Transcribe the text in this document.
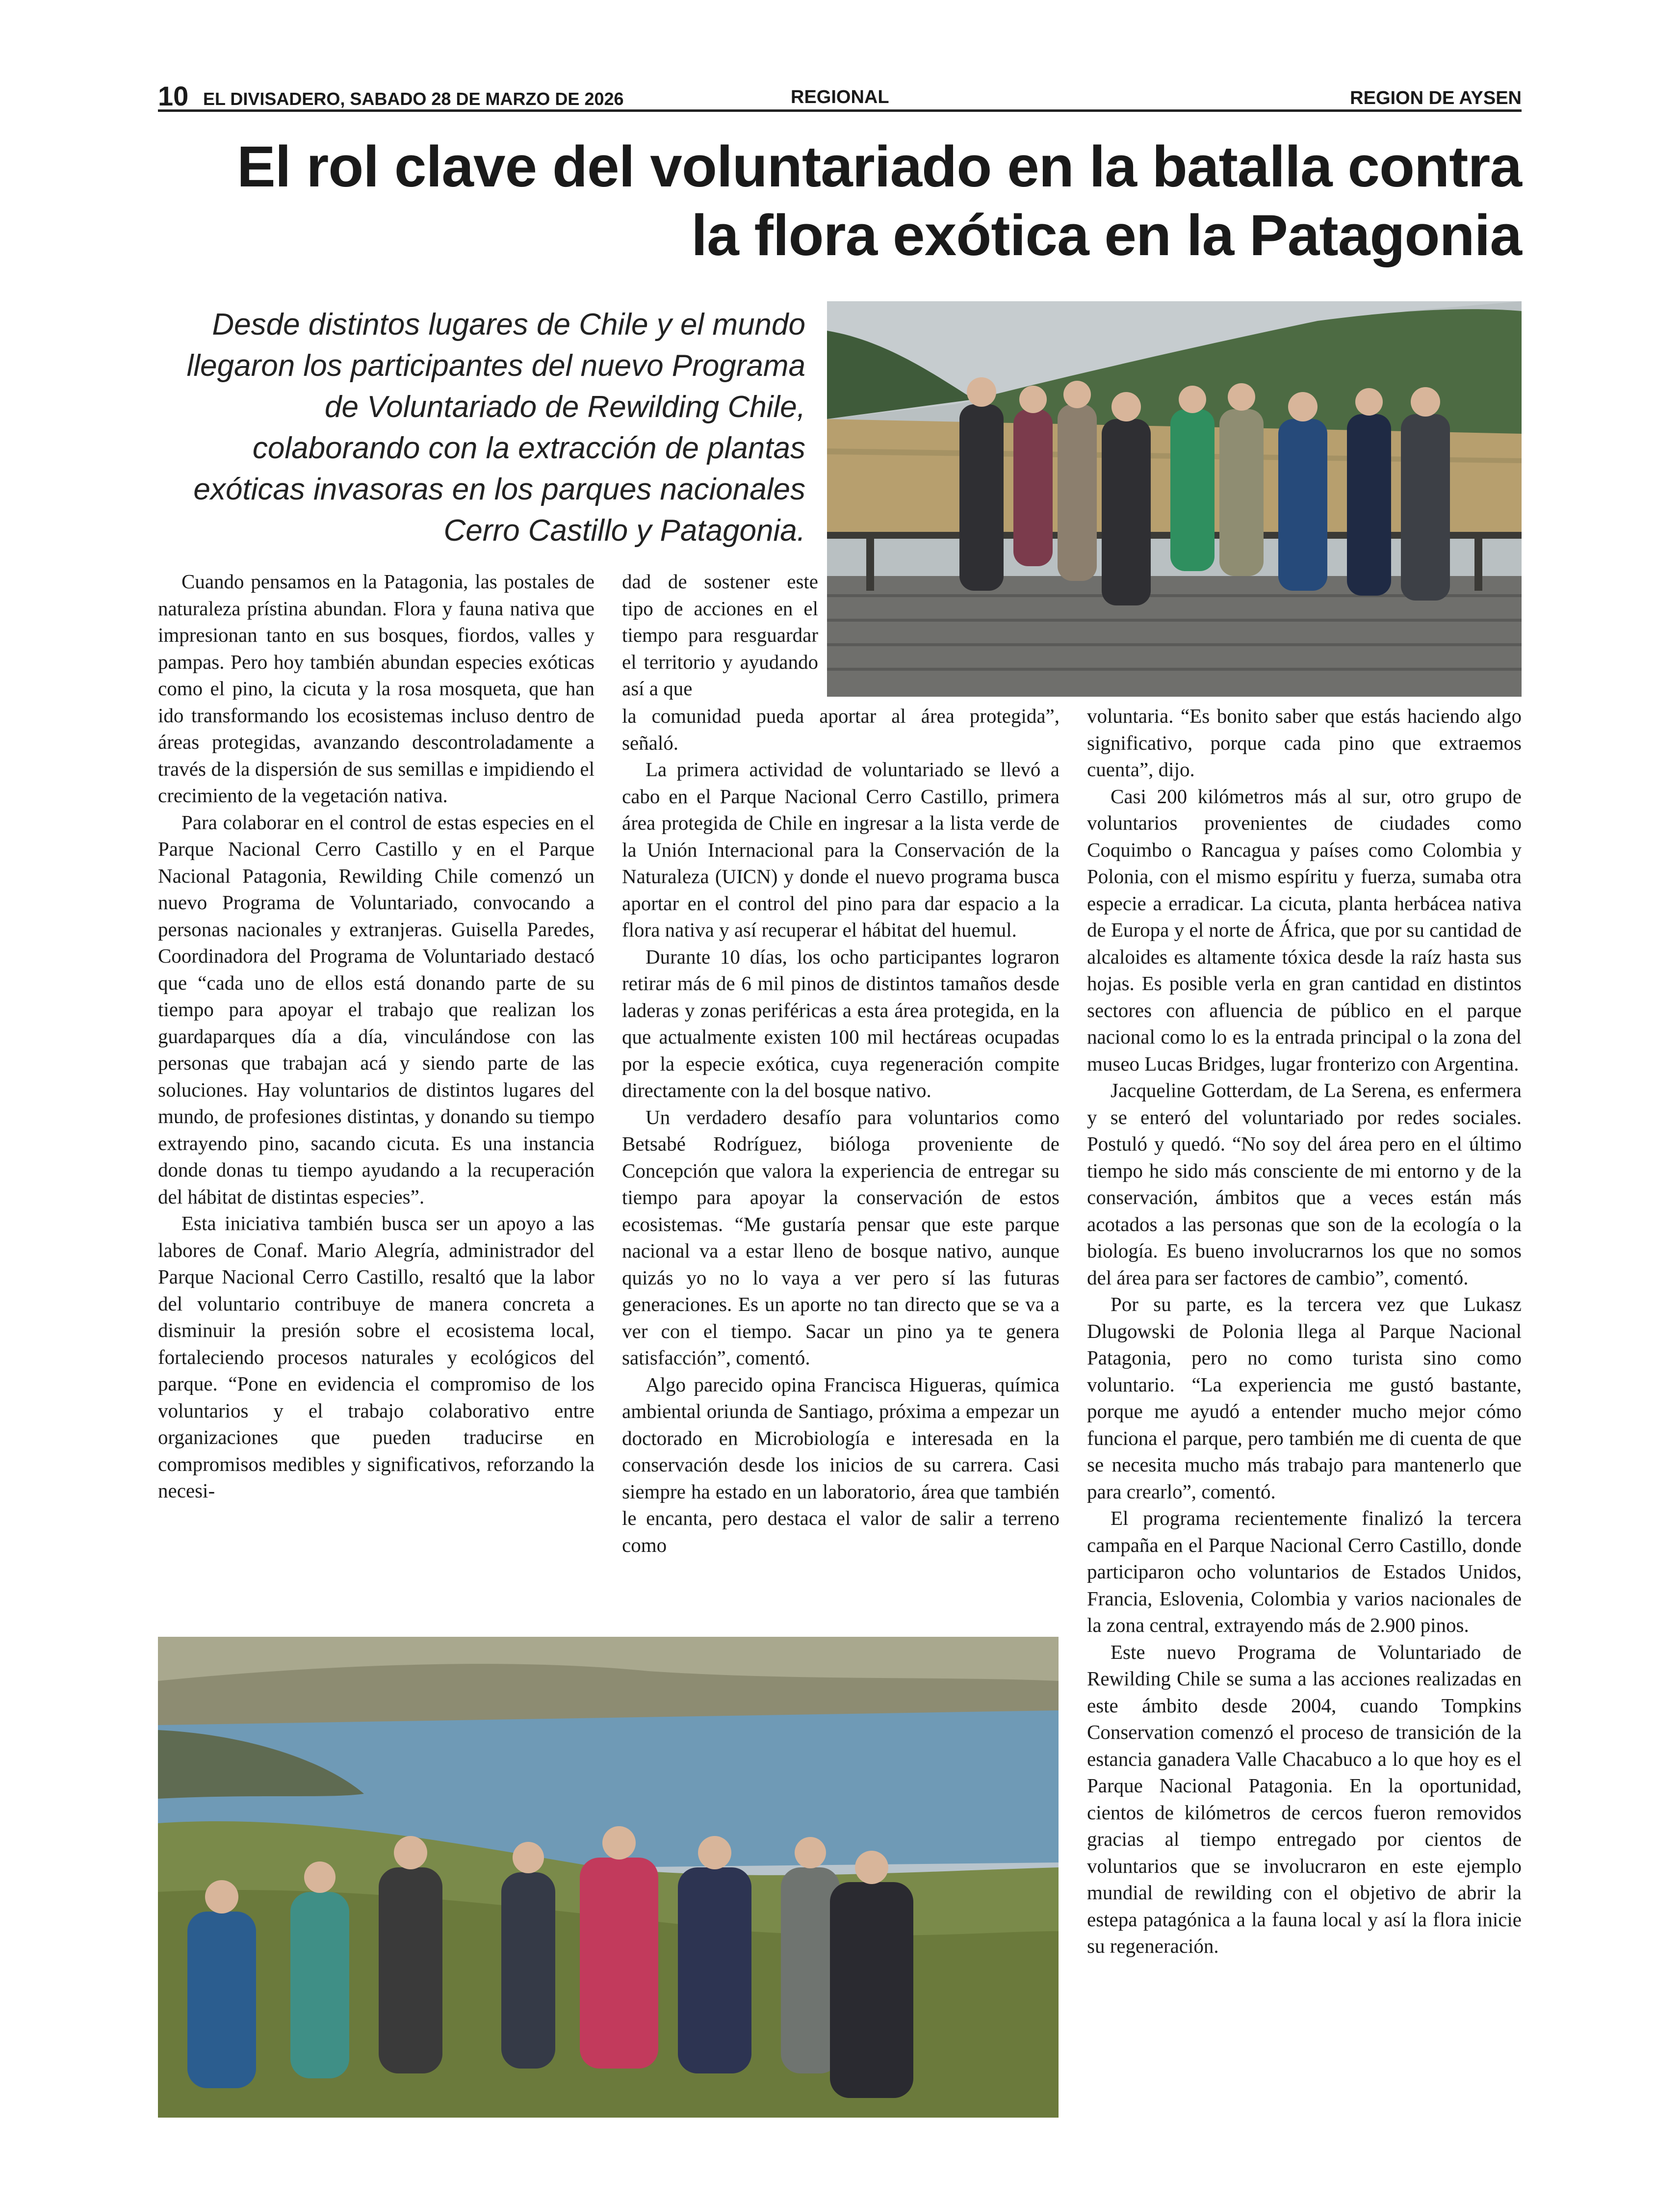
10 EL DIVISADERO, SABADO 28 DE MARZO DE 2026	REGIONAL	REGION DE AYSEN
El rol clave del voluntariado en la batalla contra
la flora exótica en la Patagonia
Desde distintos lugares de Chile y el mundo llegaron los participantes del nuevo Programa de Voluntariado de Rewilding Chile, colaborando con la extracción de plantas exóticas invasoras en los parques nacionales Cerro Castillo y Patagonia.

Cuando pensamos en la Patagonia, las postales de naturaleza prístina abundan. Flora y fauna nativa que impresionan tanto en sus bosques, fiordos, valles y pampas. Pero hoy también abundan especies exóticas como el pino, la cicuta y la rosa mosqueta, que han ido transformando los ecosistemas incluso dentro de áreas protegidas, avanzando descontroladamente a través de la dispersión de sus semillas e impidiendo el crecimiento de la vegetación nativa.

Para colaborar en el control de estas especies en el Parque Nacional Cerro Castillo y en el Parque Nacional Patagonia, Rewilding Chile comenzó un nuevo Programa de Voluntariado, convocando a personas nacionales y extranjeras. Guisella Paredes, Coordinadora del Programa de Voluntariado destacó que “cada uno de ellos está donando parte de su tiempo para apoyar el trabajo que realizan los guardaparques día a día, vinculándose con las personas que trabajan acá y siendo parte de las soluciones. Hay voluntarios de distintos lugares del mundo, de profesiones distintas, y donando su tiempo extrayendo pino, sacando cicuta. Es una instancia donde donas tu tiempo ayudando a la recuperación del hábitat de distintas especies”.

Esta iniciativa también busca ser un apoyo a las labores de Conaf. Mario Alegría, administrador del Parque Nacional Cerro Castillo, resaltó que la labor del voluntario contribuye de manera concreta a disminuir la presión sobre el ecosistema local, fortaleciendo procesos naturales y ecológicos del parque. “Pone en evidencia el compromiso de los voluntarios y el trabajo colaborativo entre organizaciones que pueden traducirse en compromisos medibles y significativos, reforzando la necesi-

dad de sostener este tipo de acciones en el tiempo para resguardar el territorio y ayudando así a que

la comunidad pueda aportar al área protegida”, señaló.

La primera actividad de voluntariado se llevó a cabo en el Parque Nacional Cerro Castillo, primera área protegida de Chile en ingresar a la lista verde de la Unión Internacional para la Conservación de la Naturaleza (UICN) y donde el nuevo programa busca aportar en el control del pino para dar espacio a la flora nativa y así recuperar el hábitat del huemul.

Durante 10 días, los ocho participantes lograron retirar más de 6 mil pinos de distintos tamaños desde laderas y zonas periféricas a esta área protegida, en la que actualmente existen 100 mil hectáreas ocupadas por la especie exótica, cuya regeneración compite directamente con la del bosque nativo.

Un verdadero desafío para voluntarios como Betsabé Rodríguez, bióloga proveniente de Concepción que valora la experiencia de entregar su tiempo para apoyar la conservación de estos ecosistemas. “Me gustaría pensar que este parque nacional va a estar lleno de bosque nativo, aunque quizás yo no lo vaya a ver pero sí las futuras generaciones. Es un aporte no tan directo que se va a ver con el tiempo. Sacar un pino ya te genera satisfacción”, comentó.

Algo parecido opina Francisca Higueras, química ambiental oriunda de Santiago, próxima a empezar un doctorado en Microbiología e interesada en la conservación desde los inicios de su carrera. Casi siempre ha estado en un laboratorio, área que también le encanta, pero destaca el valor de salir a terreno como

voluntaria. “Es bonito saber que estás haciendo algo significativo, porque cada pino que extraemos cuenta”, dijo.

Casi 200 kilómetros más al sur, otro grupo de voluntarios provenientes de ciudades como Coquimbo o Rancagua y países como Colombia y Polonia, con el mismo espíritu y fuerza, sumaba otra especie a erradicar. La cicuta, planta herbácea nativa de Europa y el norte de África, que por su cantidad de alcaloides es altamente tóxica desde la raíz hasta sus hojas. Es posible verla en gran cantidad en distintos sectores con afluencia de público en el parque nacional como lo es la entrada principal o la zona del museo Lucas Bridges, lugar fronterizo con Argentina.

Jacqueline Gotterdam, de La Serena, es enfermera y se enteró del voluntariado por redes sociales. Postuló y quedó. “No soy del área pero en el último tiempo he sido más consciente de mi entorno y de la conservación, ámbitos que a veces están más acotados a las personas que son de la ecología o la biología. Es bueno involucrarnos los que no somos del área para ser factores de cambio”, comentó.

Por su parte, es la tercera vez que Lukasz Dlugowski de Polonia llega al Parque Nacional Patagonia, pero no como turista sino como voluntario. “La experiencia me gustó bastante, porque me ayudó a entender mucho mejor cómo funciona el parque, pero también me di cuenta de que se necesita mucho más trabajo para mantenerlo que para crearlo”, comentó.

El programa recientemente finalizó la tercera campaña en el Parque Nacional Cerro Castillo, donde participaron ocho voluntarios de Estados Unidos, Francia, Eslovenia, Colombia y varios nacionales de la zona central, extrayendo más de 2.900 pinos.

Este nuevo Programa de Voluntariado de Rewilding Chile se suma a las acciones realizadas en este ámbito desde 2004, cuando Tompkins Conservation comenzó el proceso de transición de la estancia ganadera Valle Chacabuco a lo que hoy es el Parque Nacional Patagonia. En la oportunidad, cientos de kilómetros de cercos fueron removidos gracias al tiempo entregado por cientos de voluntarios que se involucraron en este ejemplo mundial de rewilding con el objetivo de abrir la estepa patagónica a la fauna local y así la flora inicie su regeneración.
